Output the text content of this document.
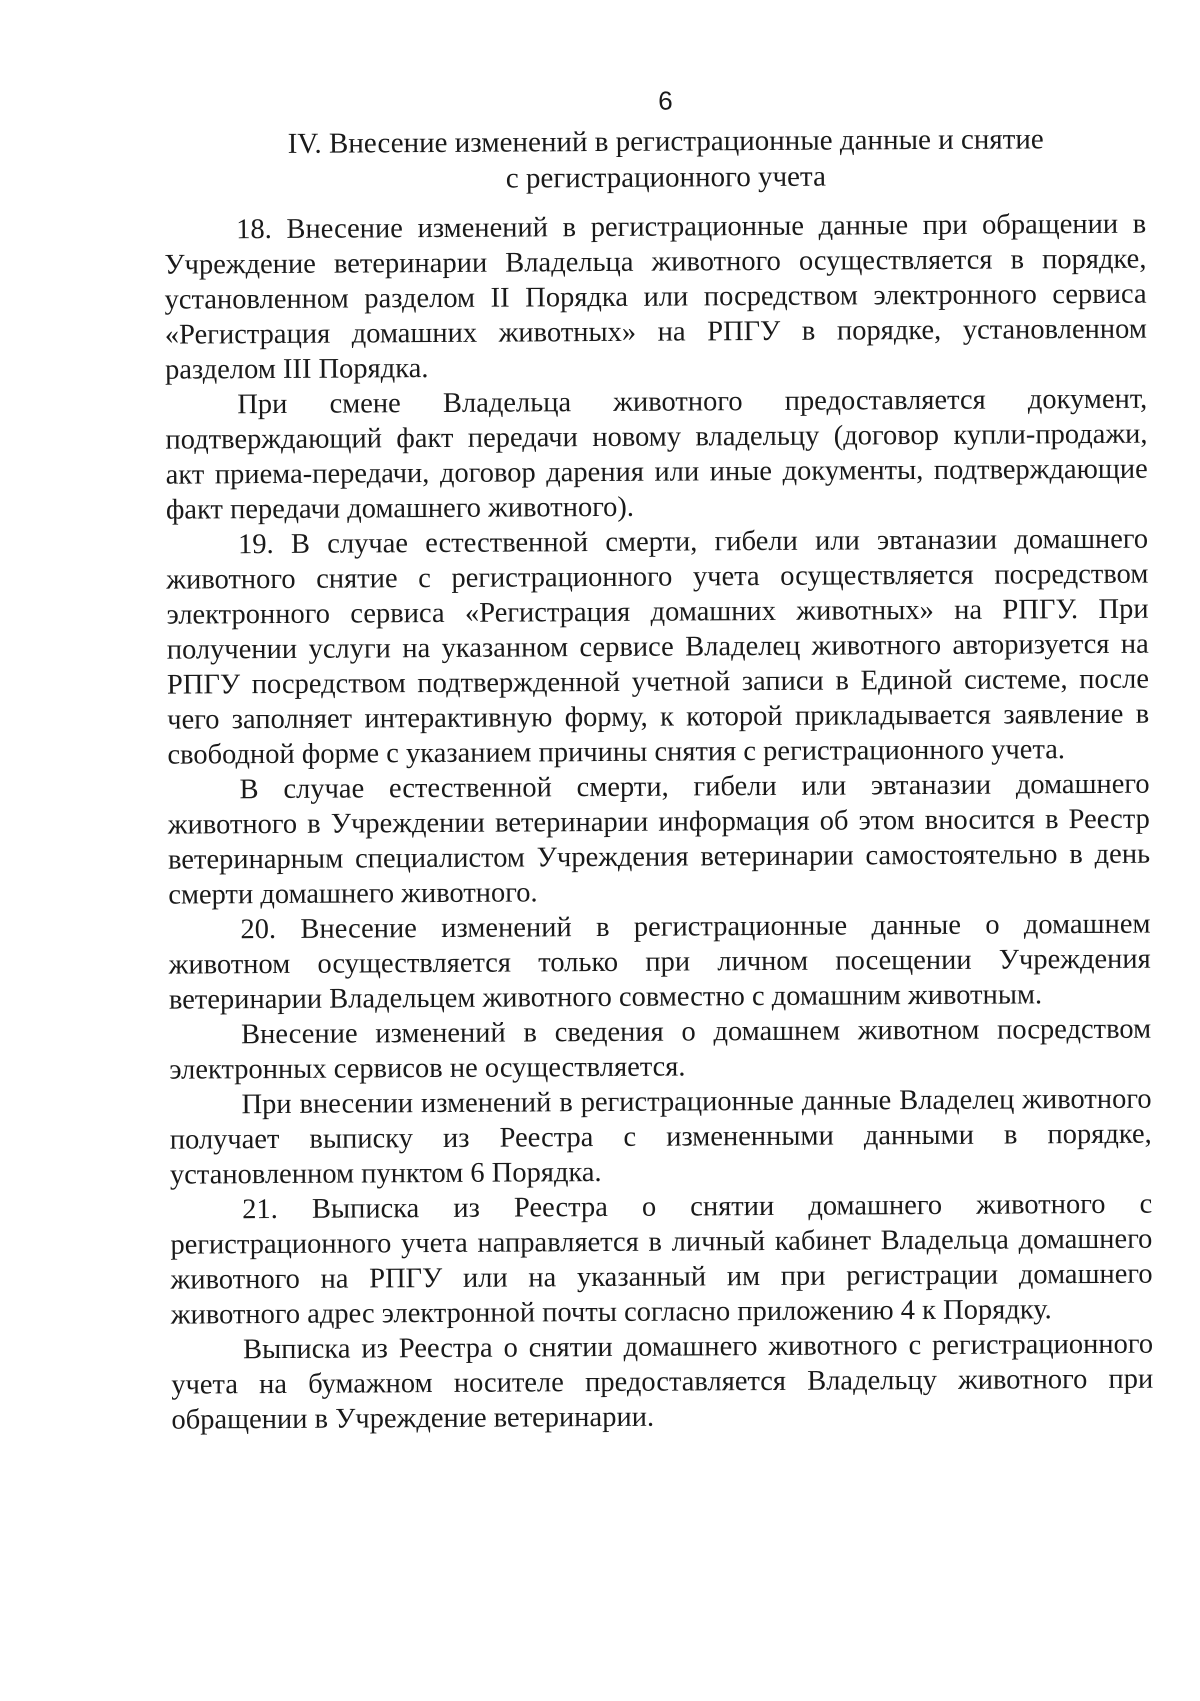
6
IV. Внесение изменений в регистрационные данные и снятие
с регистрационного учета

18. Внесение изменений в регистрационные данные при обращении в Учреждение ветеринарии Владельца животного осуществляется в порядке, установленном разделом II Порядка или посредством электронного сервиса «Регистрация домашних животных» на РПГУ в порядке, установленном разделом III Порядка.

При смене Владельца животного предоставляется документ, подтверждающий факт передачи новому владельцу (договор купли-продажи, акт приема-передачи, договор дарения или иные документы, подтверждающие факт передачи домашнего животного).

19. В случае естественной смерти, гибели или эвтаназии домашнего животного снятие с регистрационного учета осуществляется посредством электронного сервиса «Регистрация домашних животных» на РПГУ. При получении услуги на указанном сервисе Владелец животного авторизуется на РПГУ посредством подтвержденной учетной записи в Единой системе, после чего заполняет интерактивную форму, к которой прикладывается заявление в свободной форме с указанием причины снятия с регистрационного учета.

В случае естественной смерти, гибели или эвтаназии домашнего животного в Учреждении ветеринарии информация об этом вносится в Реестр ветеринарным специалистом Учреждения ветеринарии самостоятельно в день смерти домашнего животного.

20. Внесение изменений в регистрационные данные о домашнем животном осуществляется только при личном посещении Учреждения ветеринарии Владельцем животного совместно с домашним животным.

Внесение изменений в сведения о домашнем животном посредством электронных сервисов не осуществляется.

При внесении изменений в регистрационные данные Владелец животного получает выписку из Реестра с измененными данными в порядке, установленном пунктом 6 Порядка.

21. Выписка из Реестра о снятии домашнего животного с регистрационного учета направляется в личный кабинет Владельца домашнего животного на РПГУ или на указанный им при регистрации домашнего животного адрес электронной почты согласно приложению 4 к Порядку.

Выписка из Реестра о снятии домашнего животного с регистрационного учета на бумажном носителе предоставляется Владельцу животного при обращении в Учреждение ветеринарии.
